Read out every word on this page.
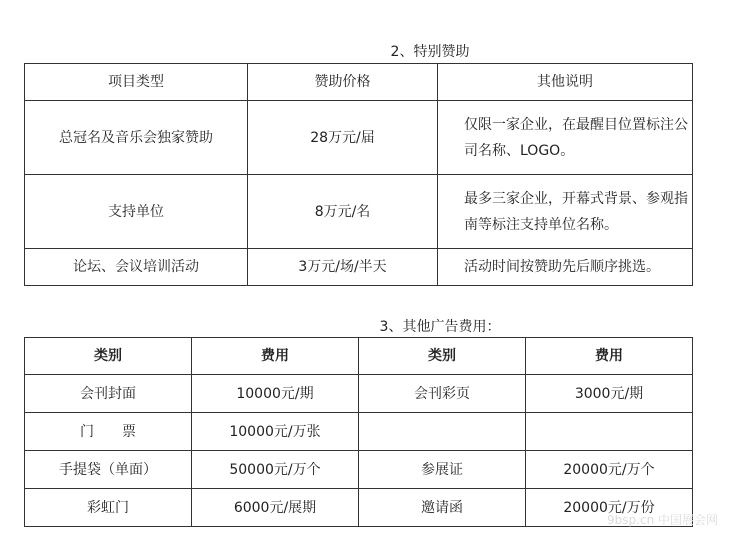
2、特别赞助
项目类型	赞助价格	其他说明
总冠名及音乐会独家赞助	28万元/届	仅限一家企业，在最醒目位置标注公司名称、LOGO。
支持单位	8万元/名	最多三家企业，开幕式背景、参观指南等标注支持单位名称。
论坛、会议培训活动	3万元/场/半天	活动时间按赞助先后顺序挑选。
3、其他广告费用：
类别	费用	类别	费用
会刊封面	10000元/期	会刊彩页	3000元/期
门　　票	10000元/万张		
手提袋（单面）	50000元/万个	参展证	20000元/万个
彩虹门	6000元/展期	邀请函	20000元/万份
9bsp.cn 中国展会网
